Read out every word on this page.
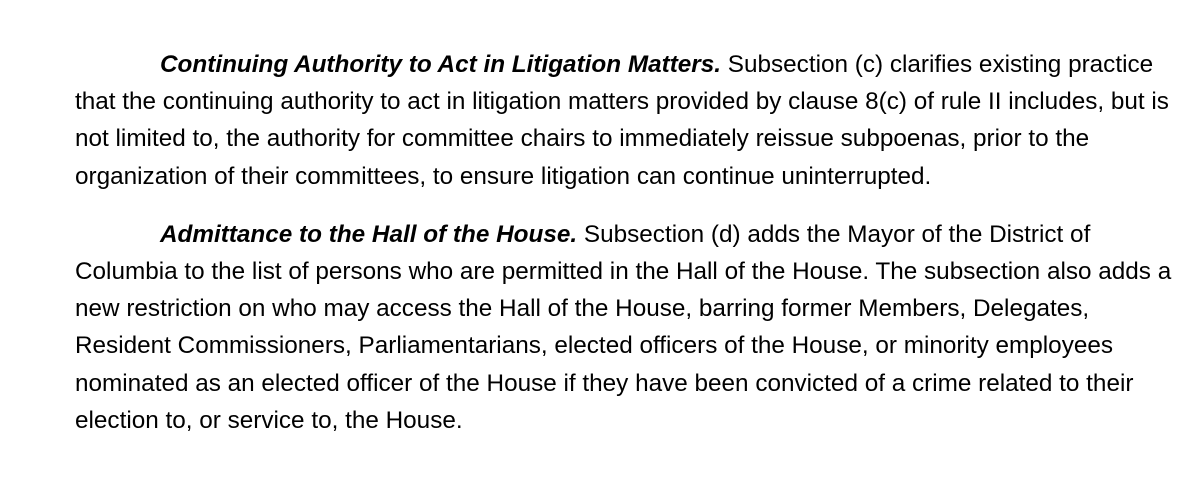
Continuing Authority to Act in Litigation Matters. Subsection (c) clarifies existing practice that the continuing authority to act in litigation matters provided by clause 8(c) of rule II includes, but is not limited to, the authority for committee chairs to immediately reissue subpoenas, prior to the organization of their committees, to ensure litigation can continue uninterrupted.

Admittance to the Hall of the House. Subsection (d) adds the Mayor of the District of Columbia to the list of persons who are permitted in the Hall of the House. The subsection also adds a new restriction on who may access the Hall of the House, barring former Members, Delegates, Resident Commissioners, Parliamentarians, elected officers of the House, or minority employees nominated as an elected officer of the House if they have been convicted of a crime related to their election to, or service to, the House.
